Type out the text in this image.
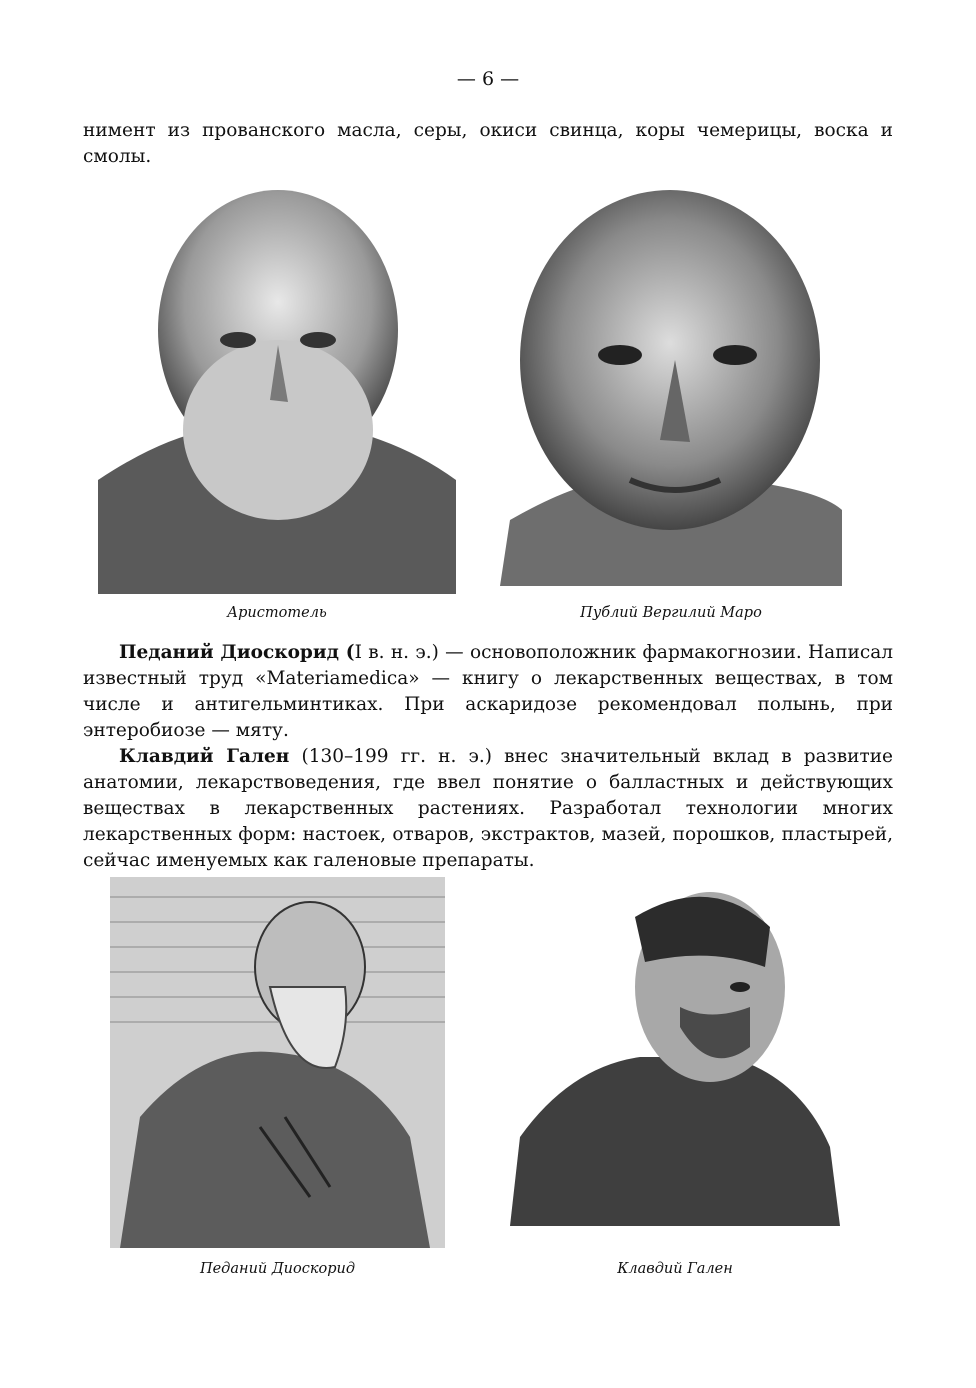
— 6 —

нимент из прованского масла, серы, окиси свинца, коры чемерицы, воска и смолы.

Аристотель	Публий Вергилий Маро

Педаний Диоскорид (I в. н. э.) — основоположник фармакогнозии. Написал известный труд «Materiamedica» — книгу о лекарственных веществах, в том числе и антигельминтиках. При аскаридозе рекомендовал полынь, при энтеробиозе — мяту.

Клавдий Гален (130–199 гг. н. э.) внес значительный вклад в развитие анатомии, лекарствоведения, где ввел понятие о балластных и действующих веществах в лекарственных растениях. Разработал технологии многих лекарственных форм: настоек, отваров, экстрактов, мазей, порошков, пластырей, сейчас именуемых как галеновые препараты.

Педаний Диоскорид	Клавдий Гален
